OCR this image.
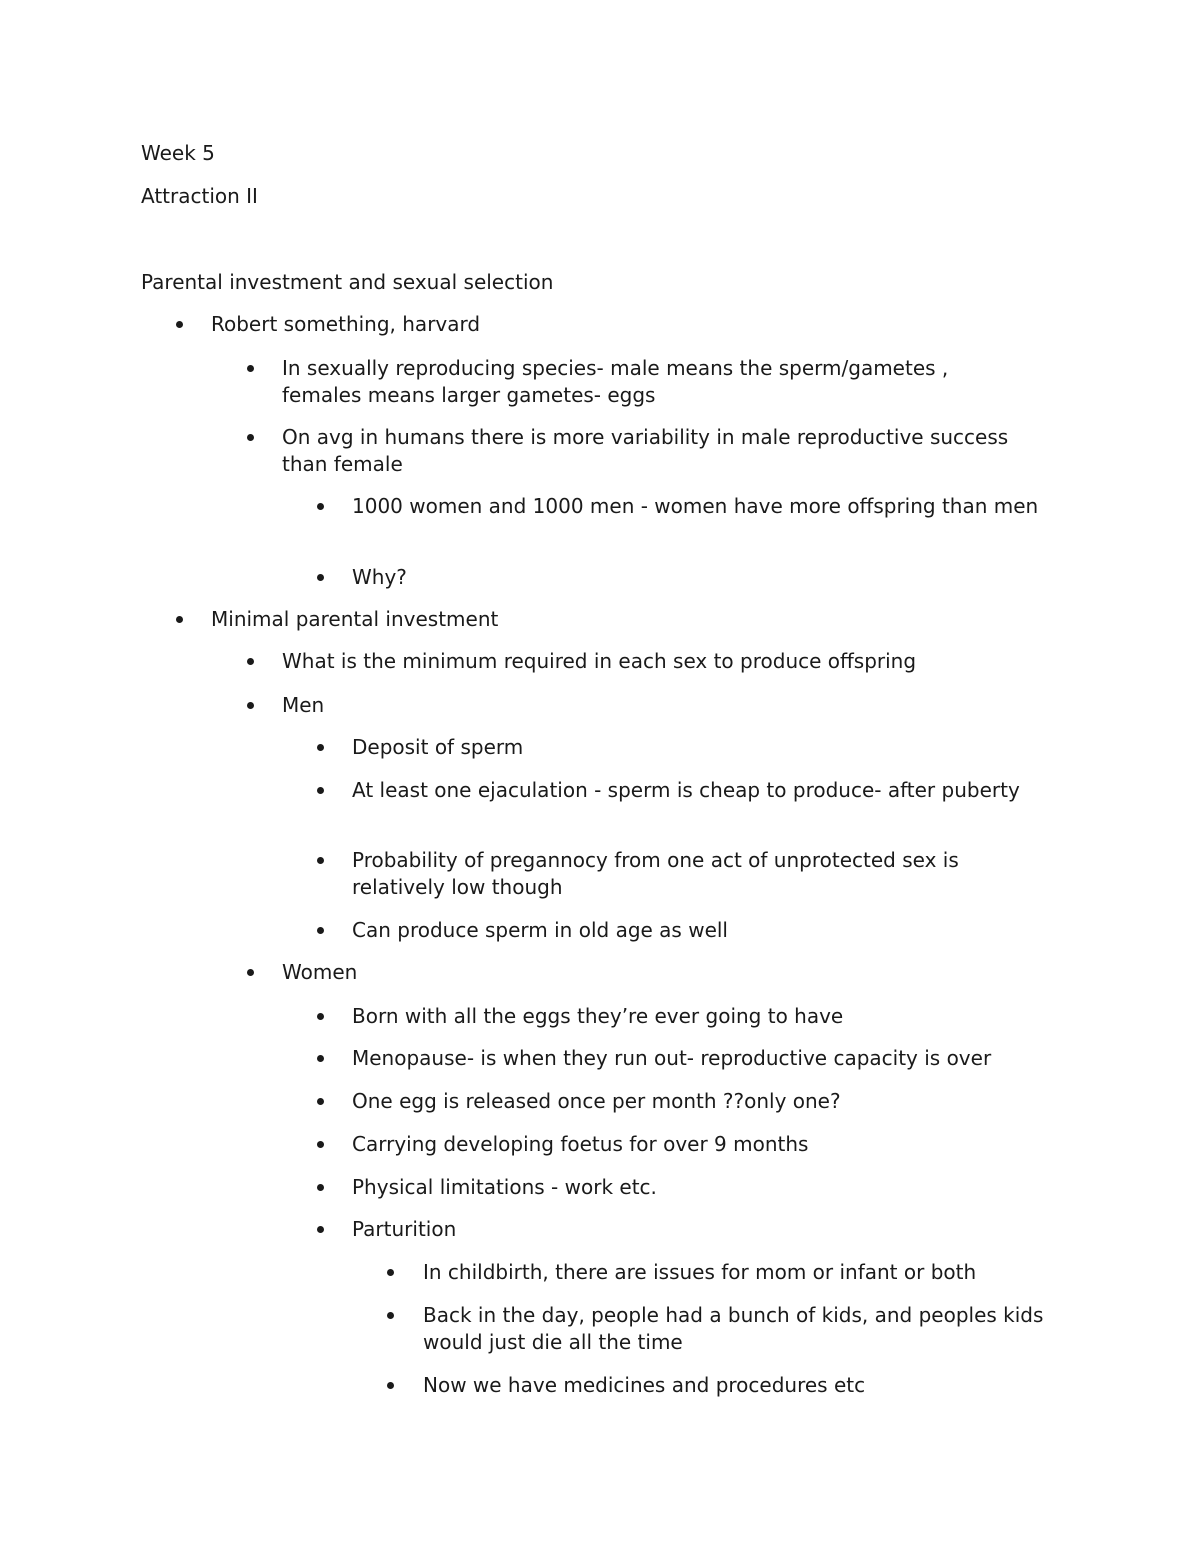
Week 5

Attraction II

Parental investment and sexual selection

Robert something, harvard
In sexually reproducing species- male means the sperm/gametes , females means larger gametes- eggs
On avg in humans there is more variability in male reproductive success than female
1000 women and 1000 men - women have more offspring than men
Why?
Minimal parental investment
What is the minimum required in each sex to produce offspring
Men
Deposit of sperm
At least one ejaculation - sperm is cheap to produce- after puberty
Probability of pregannocy from one act of unprotected sex is relatively low though
Can produce sperm in old age as well
Women
Born with all the eggs they’re ever going to have
Menopause- is when they run out- reproductive capacity is over
One egg is released once per month ??only one?
Carrying developing foetus for over 9 months
Physical limitations - work etc.
Parturition
In childbirth, there are issues for mom or infant or both
Back in the day, people had a bunch of kids, and peoples kids would just die all the time
Now we have medicines and procedures etc
